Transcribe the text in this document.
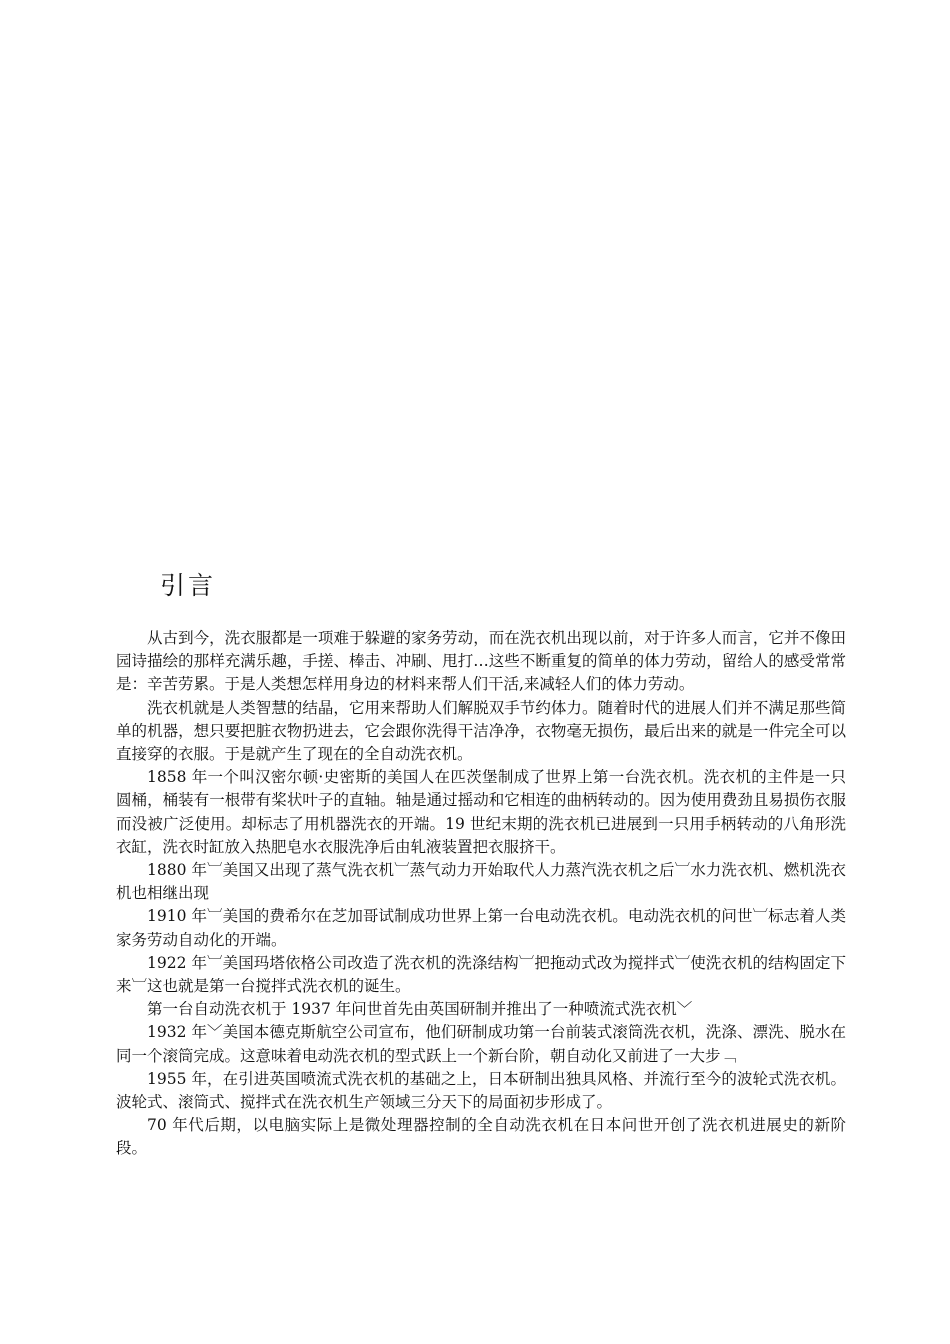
引言

从古到今，洗衣服都是一项难于躲避的家务劳动，而在洗衣机出现以前，对于许多人而言，它并不像田园诗描绘的那样充满乐趣，手搓、棒击、冲刷、甩打…这些不断重复的简单的体力劳动，留给人的感受常常是：辛苦劳累。于是人类想怎样用身边的材料来帮人们干活,来减轻人们的体力劳动。

洗衣机就是人类智慧的结晶，它用来帮助人们解脱双手节约体力。随着时代的进展人们并不满足那些简单的机器，想只要把脏衣物扔进去，它会跟你洗得干洁净净，衣物毫无损伤，最后出来的就是一件完全可以直接穿的衣服。于是就产生了现在的全自动洗衣机。

1858 年一个叫汉密尔顿·史密斯的美国人在匹茨堡制成了世界上第一台洗衣机。洗衣机的主件是一只圆桶，桶装有一根带有桨状叶子的直轴。轴是通过摇动和它相连的曲柄转动的。因为使用费劲且易损伤衣服而没被广泛使用。却标志了用机器洗衣的开端。19 世纪末期的洗衣机已进展到一只用手柄转动的八角形洗衣缸，洗衣时缸放入热肥皂水衣服洗净后由轧液装置把衣服挤干。

1880 年︺美国又出现了蒸气洗衣机︺蒸气动力开始取代人力蒸汽洗衣机之后︺水力洗衣机、燃机洗衣机也相继出现

1910 年︺美国的费希尔在芝加哥试制成功世界上第一台电动洗衣机。电动洗衣机的问世︺标志着人类家务劳动自动化的开端。

1922 年︺美国玛塔依格公司改造了洗衣机的洗涤结构︺把拖动式改为搅拌式︺使洗衣机的结构固定下来︺这也就是第一台搅拌式洗衣机的诞生。

第一台自动洗衣机于 1937 年问世首先由英国研制并推出了一种喷流式洗衣机﹀

1932 年﹀美国本德克斯航空公司宣布，他们研制成功第一台前装式滚筒洗衣机，洗涤、漂洗、脱水在同一个滚筒完成。这意味着电动洗衣机的型式跃上一个新台阶，朝自动化又前进了一大步﹁

1955 年，在引进英国喷流式洗衣机的基础之上，日本研制出独具风格、并流行至今的波轮式洗衣机。波轮式、滚筒式、搅拌式在洗衣机生产领域三分天下的局面初步形成了。

70 年代后期，以电脑实际上是微处理器控制的全自动洗衣机在日本问世开创了洗衣机进展史的新阶段。
